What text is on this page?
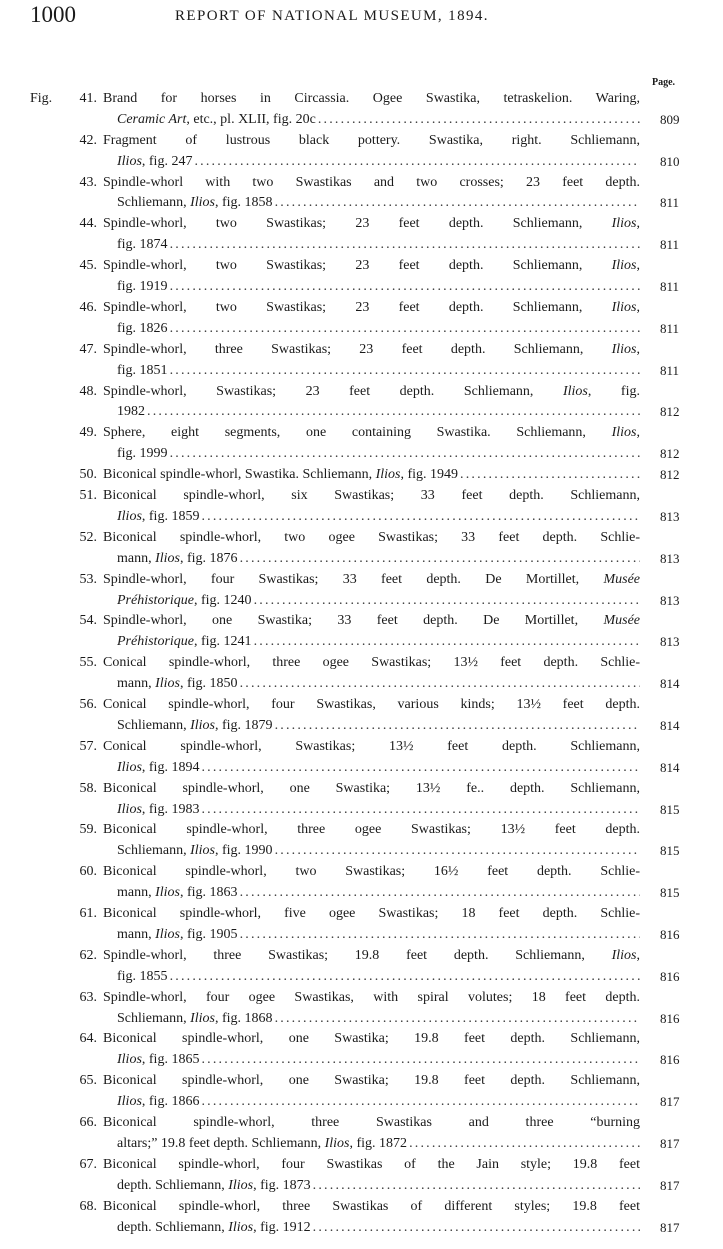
1000	REPORT OF NATIONAL MUSEUM, 1894.
Page.
Fig.	41. Brand for horses in Circassia. Ogee Swastika, tetraskelion. Waring,
Ceramic Art, etc., pl. XLII, fig. 20c .....	809
42. Fragment of lustrous black pottery. Swastika, right. Schliemann,
Ilios, fig. 247 .....	810
43. Spindle-whorl with two Swastikas and two crosses; 23 feet depth.
Schliemann, Ilios, fig. 1858 .....	811
44. Spindle-whorl, two Swastikas; 23 feet depth. Schliemann, Ilios,
fig. 1874 .....	811
45. Spindle-whorl, two Swastikas; 23 feet depth. Schliemann, Ilios,
fig. 1919 .....	811
46. Spindle-whorl, two Swastikas; 23 feet depth. Schliemann, Ilios,
fig. 1826 .....	811
47. Spindle-whorl, three Swastikas; 23 feet depth. Schliemann, Ilios,
fig. 1851 .....	811
48. Spindle-whorl, Swastikas; 23 feet depth. Schliemann, Ilios, fig.
1982 .....	812
49. Sphere, eight segments, one containing Swastika. Schliemann, Ilios,
fig. 1999 .....	812
50. Biconical spindle-whorl, Swastika. Schliemann, Ilios, fig. 1949 .....	812
51. Biconical spindle-whorl, six Swastikas; 33 feet depth. Schliemann,
Ilios, fig. 1859 .....	813
52. Biconical spindle-whorl, two ogee Swastikas; 33 feet depth. Schlie-
mann, Ilios, fig. 1876 .....	813
53. Spindle-whorl, four Swastikas; 33 feet depth. De Mortillet, Musée
Préhistorique, fig. 1240 .....	813
54. Spindle-whorl, one Swastika; 33 feet depth. De Mortillet, Musée
Préhistorique, fig. 1241 .....	813
55. Conical spindle-whorl, three ogee Swastikas; 13½ feet depth. Schlie-
mann, Ilios, fig. 1850 .....	814
56. Conical spindle-whorl, four Swastikas, various kinds; 13½ feet depth.
Schliemann, Ilios, fig. 1879 .....	814
57. Conical spindle-whorl, Swastikas; 13½ feet depth. Schliemann,
Ilios, fig. 1894 .....	814
58. Biconical spindle-whorl, one Swastika; 13½ fe.. depth. Schliemann,
Ilios, fig. 1983 .....	815
59. Biconical spindle-whorl, three ogee Swastikas; 13½ feet depth.
Schliemann, Ilios, fig. 1990 .....	815
60. Biconical spindle-whorl, two Swastikas; 16½ feet depth. Schlie-
mann, Ilios, fig. 1863 .....	815
61. Biconical spindle-whorl, five ogee Swastikas; 18 feet depth. Schlie-
mann, Ilios, fig. 1905 .....	816
62. Spindle-whorl, three Swastikas; 19.8 feet depth. Schliemann, Ilios,
fig. 1855 .....	816
63. Spindle-whorl, four ogee Swastikas, with spiral volutes; 18 feet depth.
Schliemann, Ilios, fig. 1868 .....	816
64. Biconical spindle-whorl, one Swastika; 19.8 feet depth. Schliemann,
Ilios, fig. 1865 .....	816
65. Biconical spindle-whorl, one Swastika; 19.8 feet depth. Schliemann,
Ilios, fig. 1866 .....	817
66. Biconical spindle-whorl, three Swastikas and three “burning
altars;” 19.8 feet depth. Schliemann, Ilios, fig. 1872 .....	817
67. Biconical spindle-whorl, four Swastikas of the Jain style; 19.8 feet
depth. Schliemann, Ilios, fig. 1873 .....	817
68. Biconical spindle-whorl, three Swastikas of different styles; 19.8 feet
depth. Schliemann, Ilios, fig. 1912 .....	817
